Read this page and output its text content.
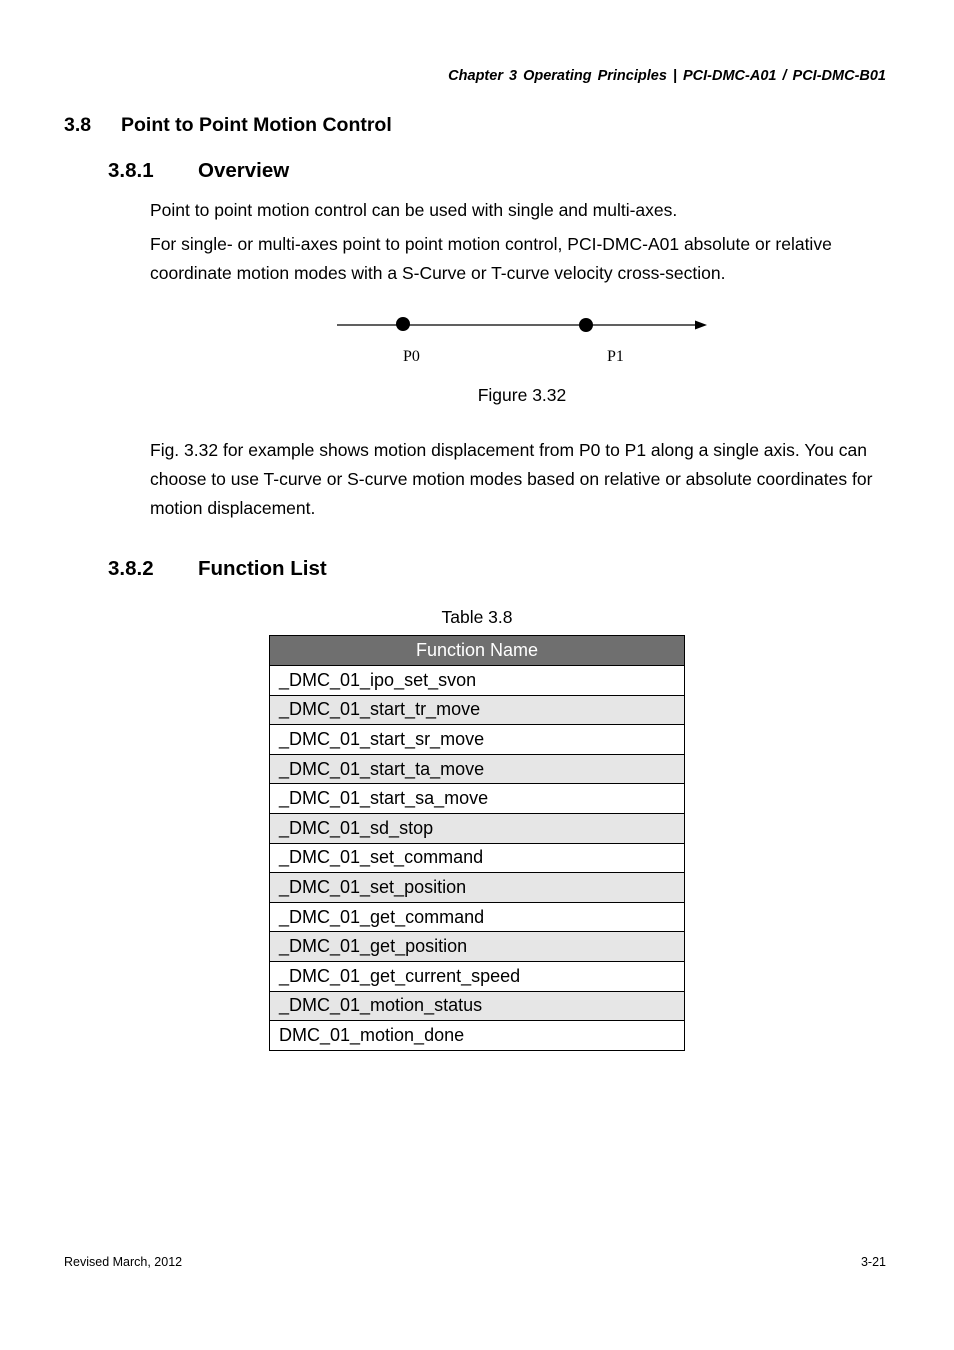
Chapter 3 Operating Principles | PCI-DMC-A01 / PCI-DMC-B01
3.8 Point to Point Motion Control
3.8.1 Overview

Point to point motion control can be used with single and multi-axes.

For single- or multi-axes point to point motion control, PCI-DMC-A01 absolute or relative coordinate motion modes with a S-Curve or T-curve velocity cross-section.

P0	P1
Figure 3.32

Fig. 3.32 for example shows motion displacement from P0 to P1 along a single axis. You can choose to use T-curve or S-curve motion modes based on relative or absolute coordinates for motion displacement.

3.8.2 Function List
Table 3.8
Function Name
_DMC_01_ipo_set_svon
_DMC_01_start_tr_move
_DMC_01_start_sr_move
_DMC_01_start_ta_move
_DMC_01_start_sa_move
_DMC_01_sd_stop
_DMC_01_set_command
_DMC_01_set_position
_DMC_01_get_command
_DMC_01_get_position
_DMC_01_get_current_speed
_DMC_01_motion_status
DMC_01_motion_done
Revised March, 2012	3-21
